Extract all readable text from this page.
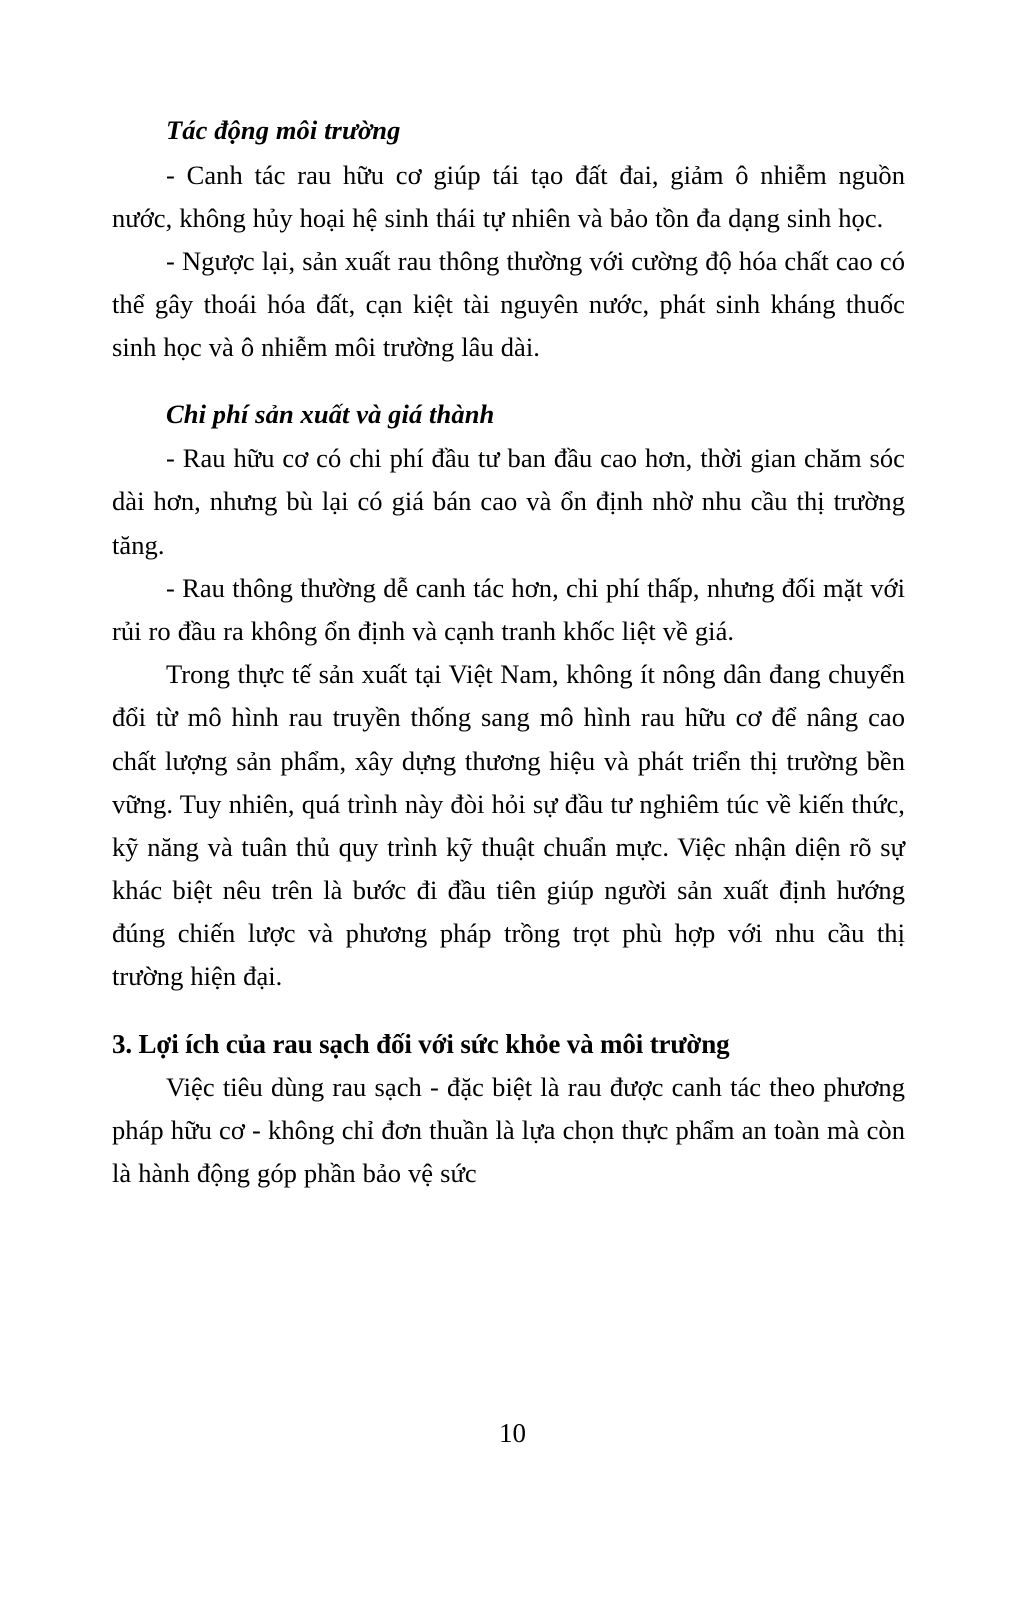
Tác động môi trường

- Canh tác rau hữu cơ giúp tái tạo đất đai, giảm ô nhiễm nguồn nước, không hủy hoại hệ sinh thái tự nhiên và bảo tồn đa dạng sinh học.

- Ngược lại, sản xuất rau thông thường với cường độ hóa chất cao có thể gây thoái hóa đất, cạn kiệt tài nguyên nước, phát sinh kháng thuốc sinh học và ô nhiễm môi trường lâu dài.

Chi phí sản xuất và giá thành

- Rau hữu cơ có chi phí đầu tư ban đầu cao hơn, thời gian chăm sóc dài hơn, nhưng bù lại có giá bán cao và ổn định nhờ nhu cầu thị trường tăng.

- Rau thông thường dễ canh tác hơn, chi phí thấp, nhưng đối mặt với rủi ro đầu ra không ổn định và cạnh tranh khốc liệt về giá.

Trong thực tế sản xuất tại Việt Nam, không ít nông dân đang chuyển đổi từ mô hình rau truyền thống sang mô hình rau hữu cơ để nâng cao chất lượng sản phẩm, xây dựng thương hiệu và phát triển thị trường bền vững. Tuy nhiên, quá trình này đòi hỏi sự đầu tư nghiêm túc về kiến thức, kỹ năng và tuân thủ quy trình kỹ thuật chuẩn mực. Việc nhận diện rõ sự khác biệt nêu trên là bước đi đầu tiên giúp người sản xuất định hướng đúng chiến lược và phương pháp trồng trọt phù hợp với nhu cầu thị trường hiện đại.

3. Lợi ích của rau sạch đối với sức khỏe và môi trường

Việc tiêu dùng rau sạch - đặc biệt là rau được canh tác theo phương pháp hữu cơ - không chỉ đơn thuần là lựa chọn thực phẩm an toàn mà còn là hành động góp phần bảo vệ sức

10
